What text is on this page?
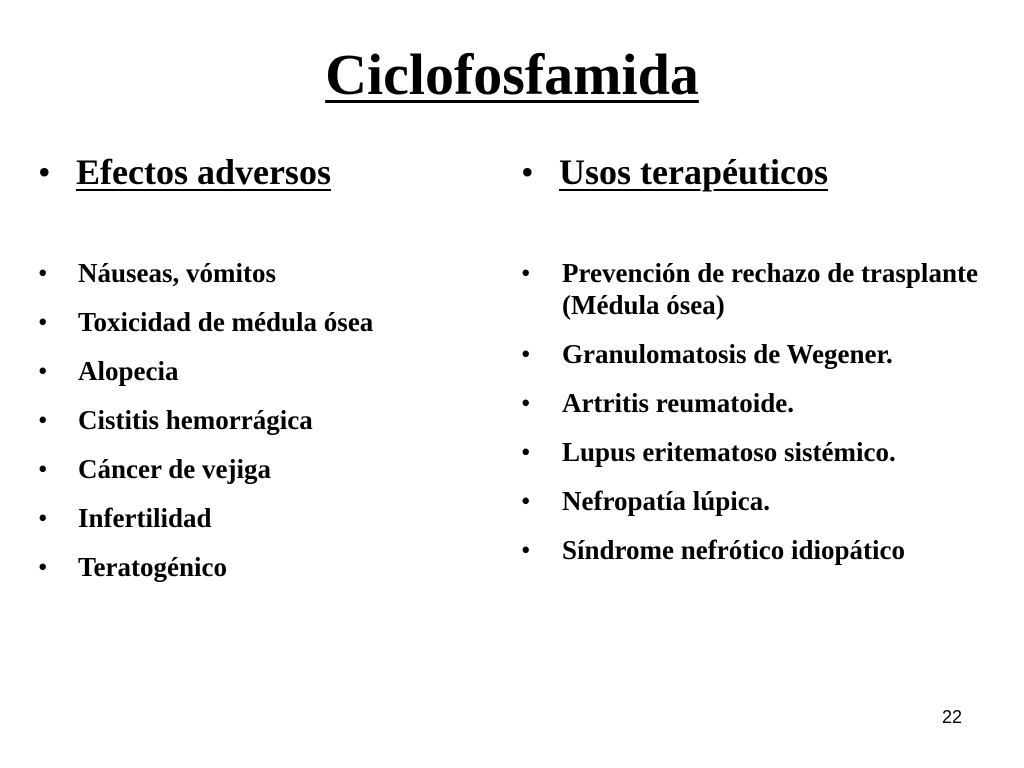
Ciclofosfamida
• Efectos adversos
• Náuseas, vómitos
• Toxicidad de médula ósea
• Alopecia
• Cistitis hemorrágica
• Cáncer de vejiga
• Infertilidad
• Teratogénico
• Usos terapéuticos
• Prevención de rechazo de trasplante (Médula ósea)
• Granulomatosis de Wegener.
• Artritis reumatoide.
• Lupus eritematoso sistémico.
• Nefropatía lúpica.
• Síndrome nefrótico idiopático
22
